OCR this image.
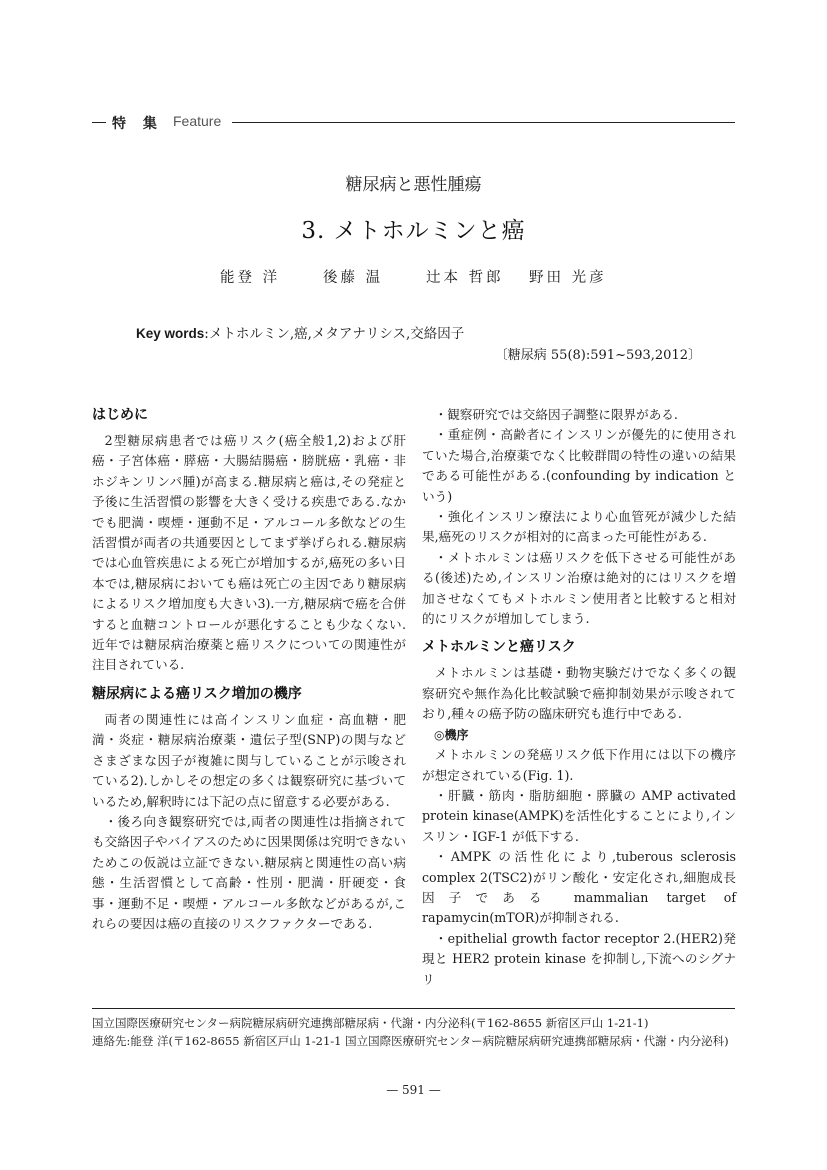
特 集 Feature
糖尿病と悪性腫瘍
3. メトホルミンと癌
能登 洋	後藤 温	辻本 哲郎 野田 光彦
Key words:メトホルミン,癌,メタアナリシス,交絡因子
〔糖尿病 55(8):591~593,2012〕
はじめに

2型糖尿病患者では癌リスク(癌全般1,2)および肝癌・子宮体癌・膵癌・大腸結腸癌・膀胱癌・乳癌・非ホジキンリンパ腫)が高まる.糖尿病と癌は,その発症と予後に生活習慣の影響を大きく受ける疾患である.なかでも肥満・喫煙・運動不足・アルコール多飲などの生活習慣が両者の共通要因としてまず挙げられる.糖尿病では心血管疾患による死亡が増加するが,癌死の多い日本では,糖尿病においても癌は死亡の主因であり糖尿病によるリスク増加度も大きい3).一方,糖尿病で癌を合併すると血糖コントロールが悪化することも少なくない.近年では糖尿病治療薬と癌リスクについての関連性が注目されている.

糖尿病による癌リスク増加の機序

両者の関連性には高インスリン血症・高血糖・肥満・炎症・糖尿病治療薬・遺伝子型(SNP)の関与などさまざまな因子が複雑に関与していることが示唆されている2).しかしその想定の多くは観察研究に基づいているため,解釈時には下記の点に留意する必要がある.

・後ろ向き観察研究では,両者の関連性は指摘されても交絡因子やバイアスのために因果関係は究明できないためこの仮説は立証できない.糖尿病と関連性の高い病態・生活習慣として高齢・性別・肥満・肝硬変・食事・運動不足・喫煙・アルコール多飲などがあるが,これらの要因は癌の直接のリスクファクターである.

・観察研究では交絡因子調整に限界がある.

・重症例・高齢者にインスリンが優先的に使用されていた場合,治療薬でなく比較群間の特性の違いの結果である可能性がある.(confounding by indication という)

・強化インスリン療法により心血管死が減少した結果,癌死のリスクが相対的に高まった可能性がある.

・メトホルミンは癌リスクを低下させる可能性がある(後述)ため,インスリン治療は絶対的にはリスクを増加させなくてもメトホルミン使用者と比較すると相対的にリスクが増加してしまう.

メトホルミンと癌リスク

メトホルミンは基礎・動物実験だけでなく多くの観察研究や無作為化比較試験で癌抑制効果が示唆されており,種々の癌予防の臨床研究も進行中である.

◎機序

メトホルミンの発癌リスク低下作用には以下の機序が想定されている(Fig. 1).

・肝臓・筋肉・脂肪細胞・膵臓の AMP activated protein kinase(AMPK)を活性化することにより,インスリン・IGF-1 が低下する.

・AMPK の活性化により,tuberous sclerosis complex 2(TSC2)がリン酸化・安定化され,細胞成長因子である mammalian target of rapamycin(mTOR)が抑制される.

・epithelial growth factor receptor 2.(HER2)発現と HER2 protein kinase を抑制し,下流へのシグナリ

国立国際医療研究センター病院糖尿病研究連携部糖尿病・代謝・内分泌科(〒162-8655 新宿区戸山 1-21-1)
連絡先:能登 洋(〒162-8655 新宿区戸山 1-21-1 国立国際医療研究センター病院糖尿病研究連携部糖尿病・代謝・内分泌科)
— 591 —
